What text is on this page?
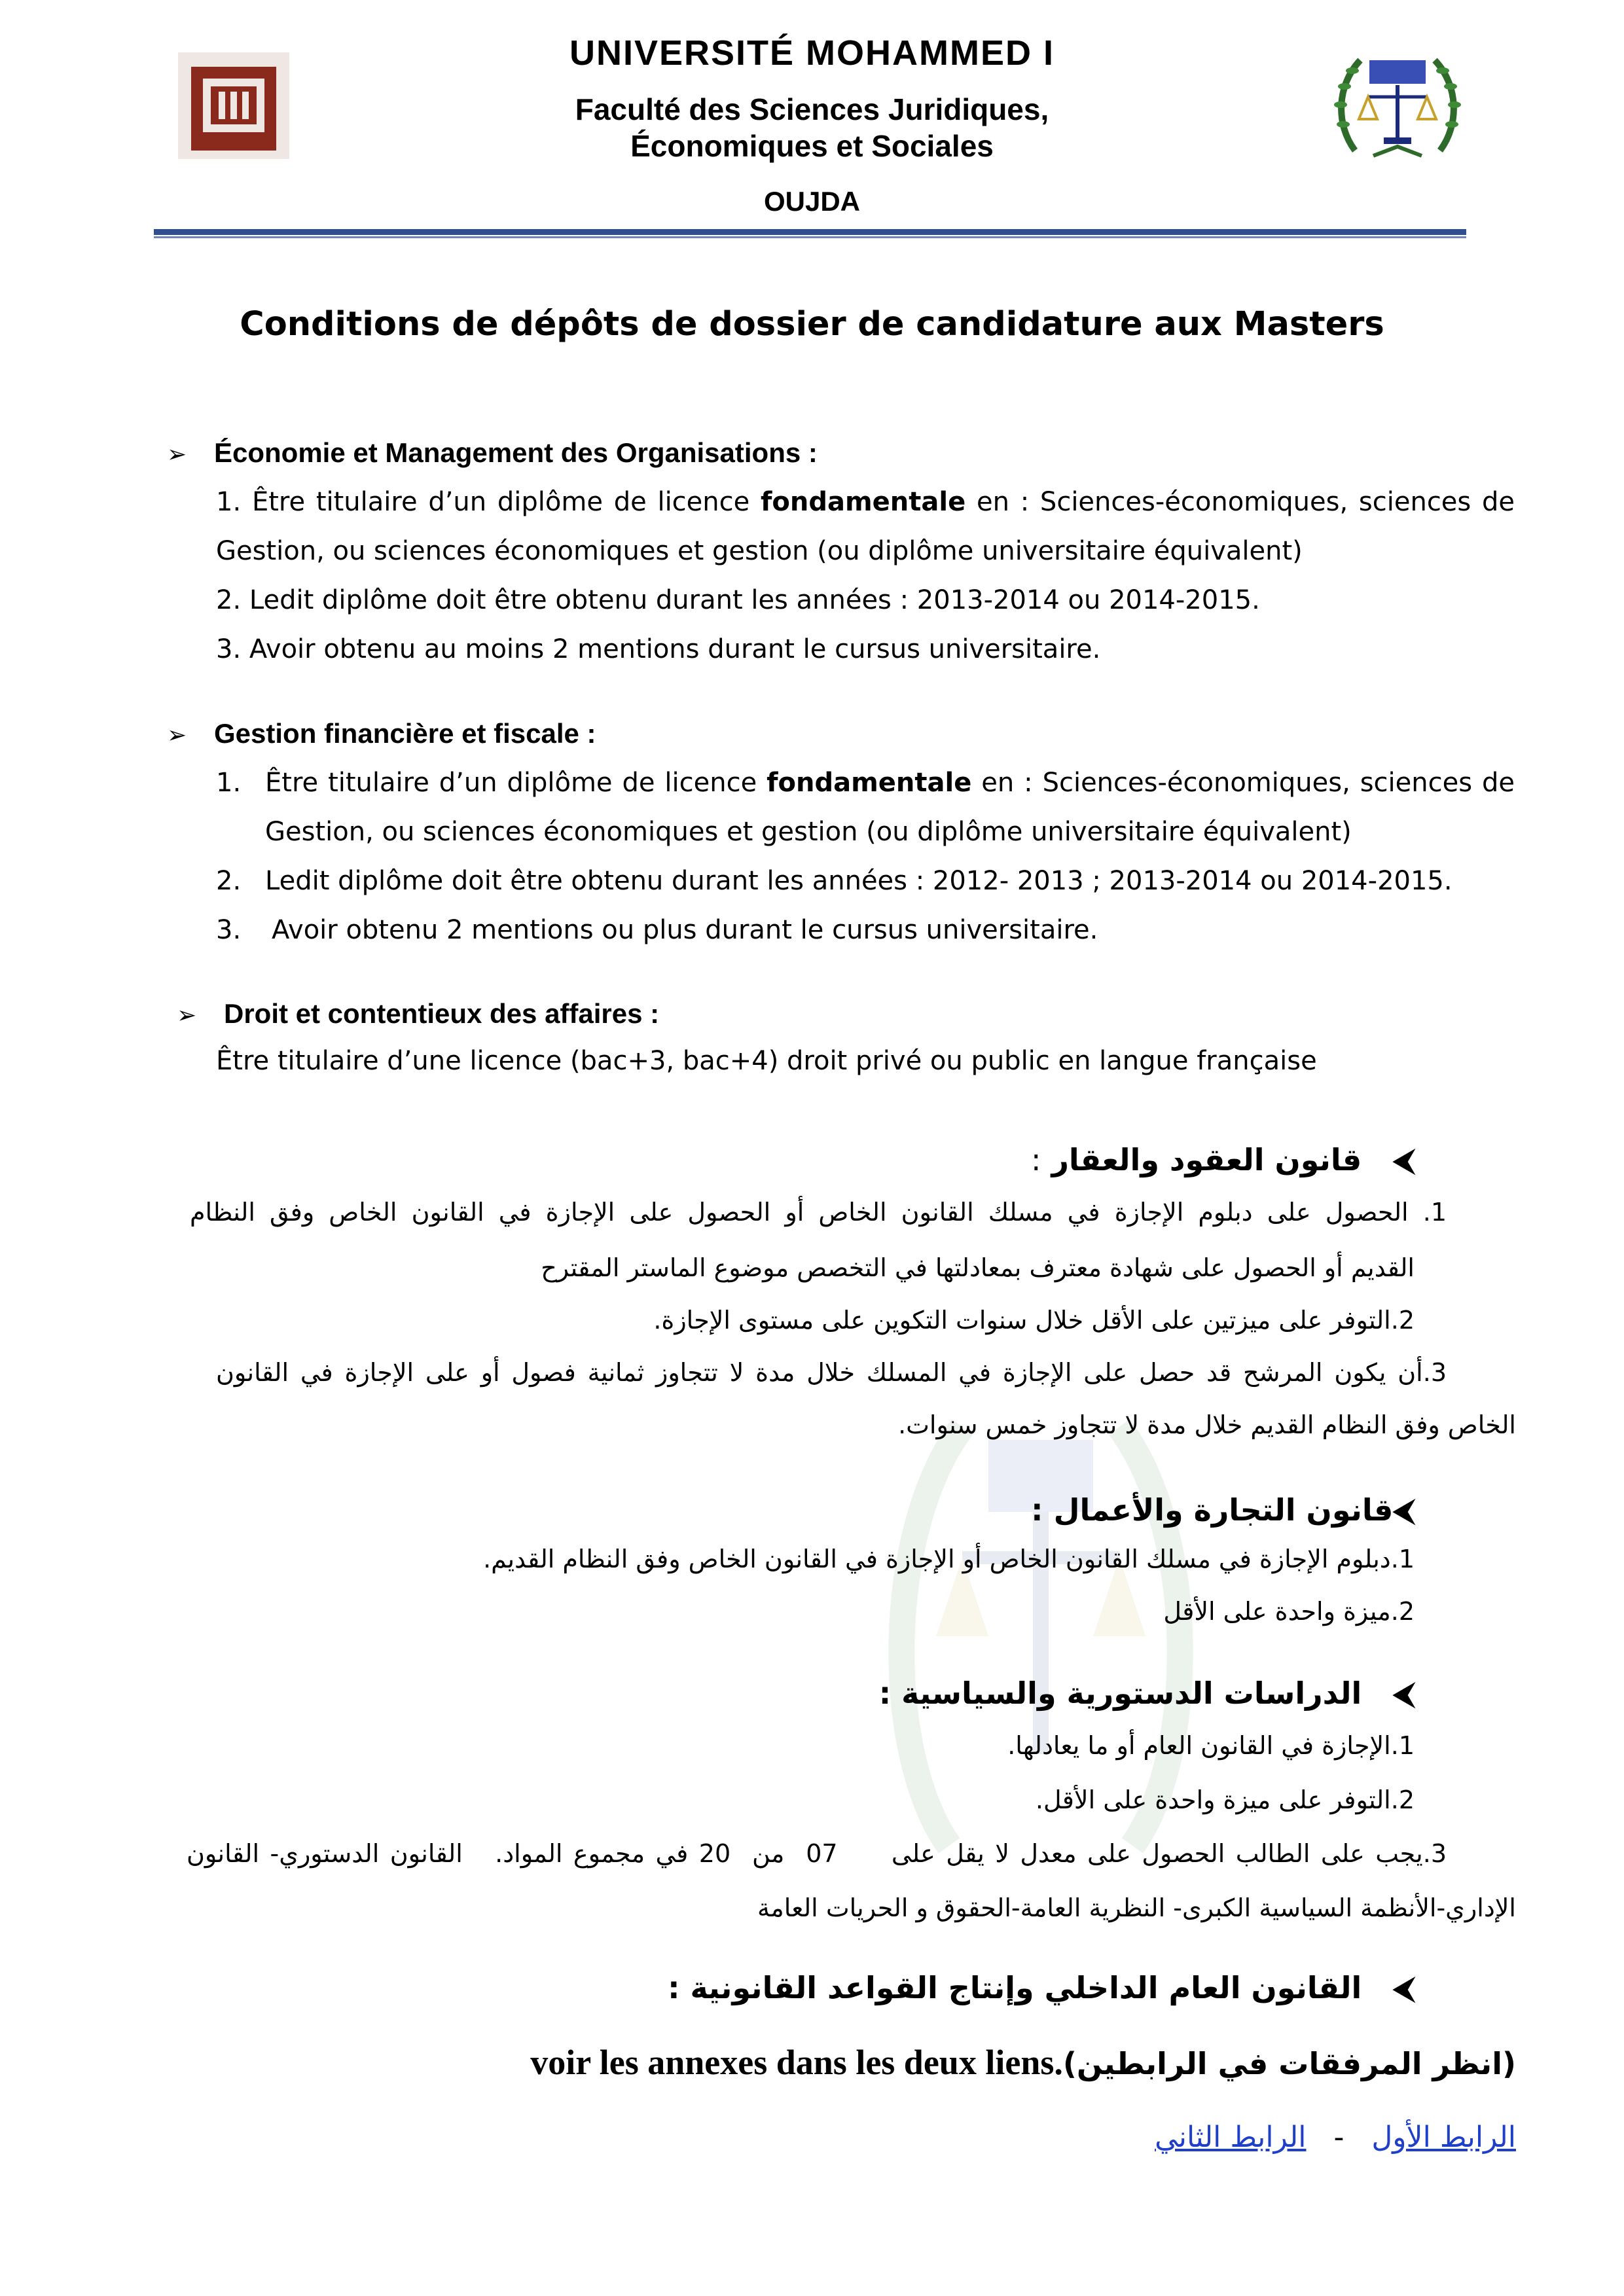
UNIVERSITÉ MOHAMMED I
Faculté des Sciences Juridiques,
Économiques et Sociales
OUJDA
Conditions de dépôts de dossier de candidature aux Masters
➢ Économie et Management des Organisations :
1. Être titulaire d’un diplôme de licence fondamentale en : Sciences-économiques, sciences de
Gestion, ou sciences économiques et gestion (ou diplôme universitaire équivalent)
2. Ledit diplôme doit être obtenu durant les années : 2013-2014 ou 2014-2015.
3. Avoir obtenu au moins 2 mentions durant le cursus universitaire.
➢ Gestion financière et fiscale :
1. Être titulaire d’un diplôme de licence fondamentale en : Sciences-économiques, sciences de
Gestion, ou sciences économiques et gestion (ou diplôme universitaire équivalent)
2. Ledit diplôme doit être obtenu durant les années : 2012- 2013 ; 2013-2014 ou 2014-2015.
3. Avoir obtenu 2 mentions ou plus durant le cursus universitaire.
➢ Droit et contentieux des affaires :
Être titulaire d’une licence (bac+3, bac+4) droit privé ou public en langue française
⮜   قانون العقود والعقار :
1. الحصول على دبلوم الإجازة في مسلك القانون الخاص أو الحصول على الإجازة في القانون الخاص وفق النظام
القديم أو الحصول على شهادة معترف بمعادلتها في التخصص موضوع الماستر المقترح
2.التوفر على ميزتين على الأقل خلال سنوات التكوين على مستوى الإجازة.
3.أن يكون المرشح قد حصل على الإجازة في المسلك خلال مدة لا تتجاوز ثمانية فصول أو على الإجازة في القانون
الخاص وفق النظام القديم خلال مدة لا تتجاوز خمس سنوات.
⮜قانون التجارة والأعمال :
1.دبلوم الإجازة في مسلك القانون الخاص أو الإجازة في القانون الخاص وفق النظام القديم.
2.ميزة واحدة على الأقل
⮜   الدراسات الدستورية والسياسية :
1.الإجازة في القانون العام أو ما يعادلها.
2.التوفر على ميزة واحدة على الأقل.
3.يجب على الطالب الحصول على معدل لا يقل على     07  من  20 في مجموع المواد.   القانون الدستوري- القانون
الإداري-الأنظمة السياسية الكبرى- النظرية العامة-الحقوق و الحريات العامة
⮜   القانون العام الداخلي وإنتاج القواعد القانونية :
voir les annexes dans les deux liens.(انظر المرفقات في الرابطين)
الرابط الأول   -   الرابط الثاني
